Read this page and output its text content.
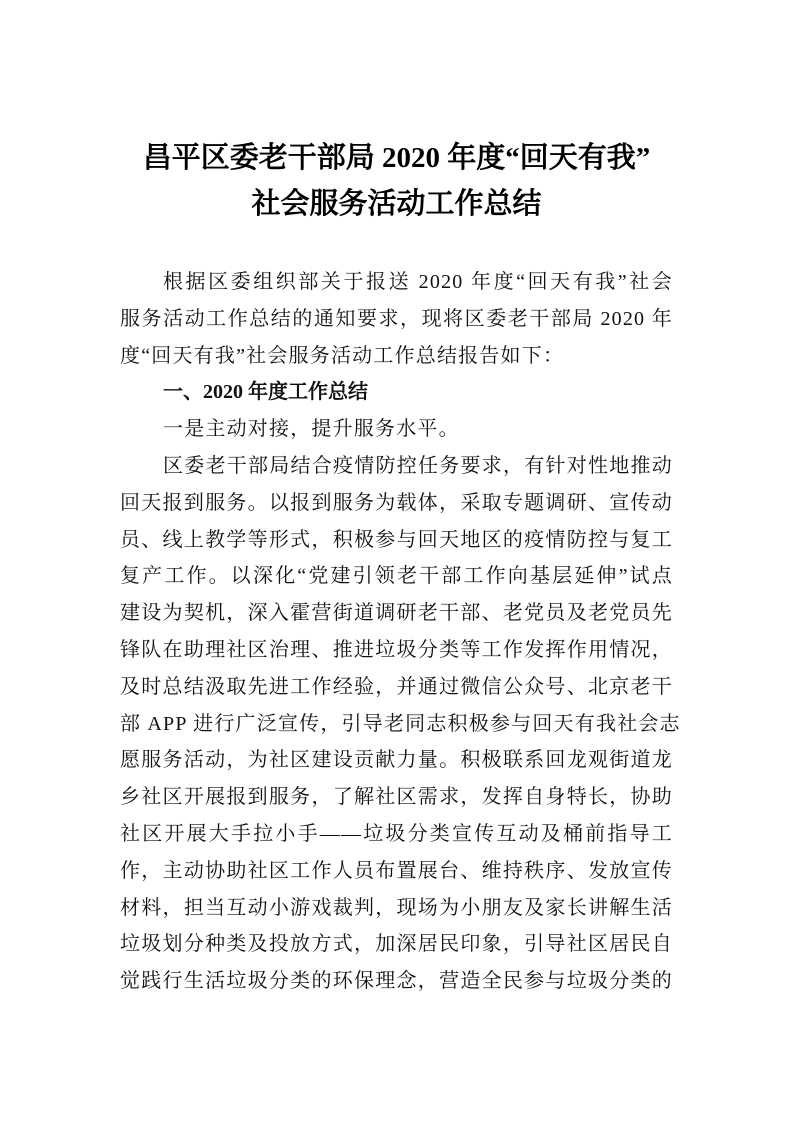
昌平区委老干部局 2020 年度“回天有我”
社会服务活动工作总结
根据区委组织部关于报送 2020 年度“回天有我”社会
服务活动工作总结的通知要求，现将区委老干部局 2020 年
度“回天有我”社会服务活动工作总结报告如下：
一、2020 年度工作总结
一是主动对接，提升服务水平。
区委老干部局结合疫情防控任务要求，有针对性地推动
回天报到服务。以报到服务为载体，采取专题调研、宣传动
员、线上教学等形式，积极参与回天地区的疫情防控与复工
复产工作。以深化“党建引领老干部工作向基层延伸”试点
建设为契机，深入霍营街道调研老干部、老党员及老党员先
锋队在助理社区治理、推进垃圾分类等工作发挥作用情况，
及时总结汲取先进工作经验，并通过微信公众号、北京老干
部 APP 进行广泛宣传，引导老同志积极参与回天有我社会志
愿服务活动，为社区建设贡献力量。积极联系回龙观街道龙
乡社区开展报到服务，了解社区需求，发挥自身特长，协助
社区开展大手拉小手——垃圾分类宣传互动及桶前指导工
作，主动协助社区工作人员布置展台、维持秩序、发放宣传
材料，担当互动小游戏裁判，现场为小朋友及家长讲解生活
垃圾划分种类及投放方式，加深居民印象，引导社区居民自
觉践行生活垃圾分类的环保理念，营造全民参与垃圾分类的
